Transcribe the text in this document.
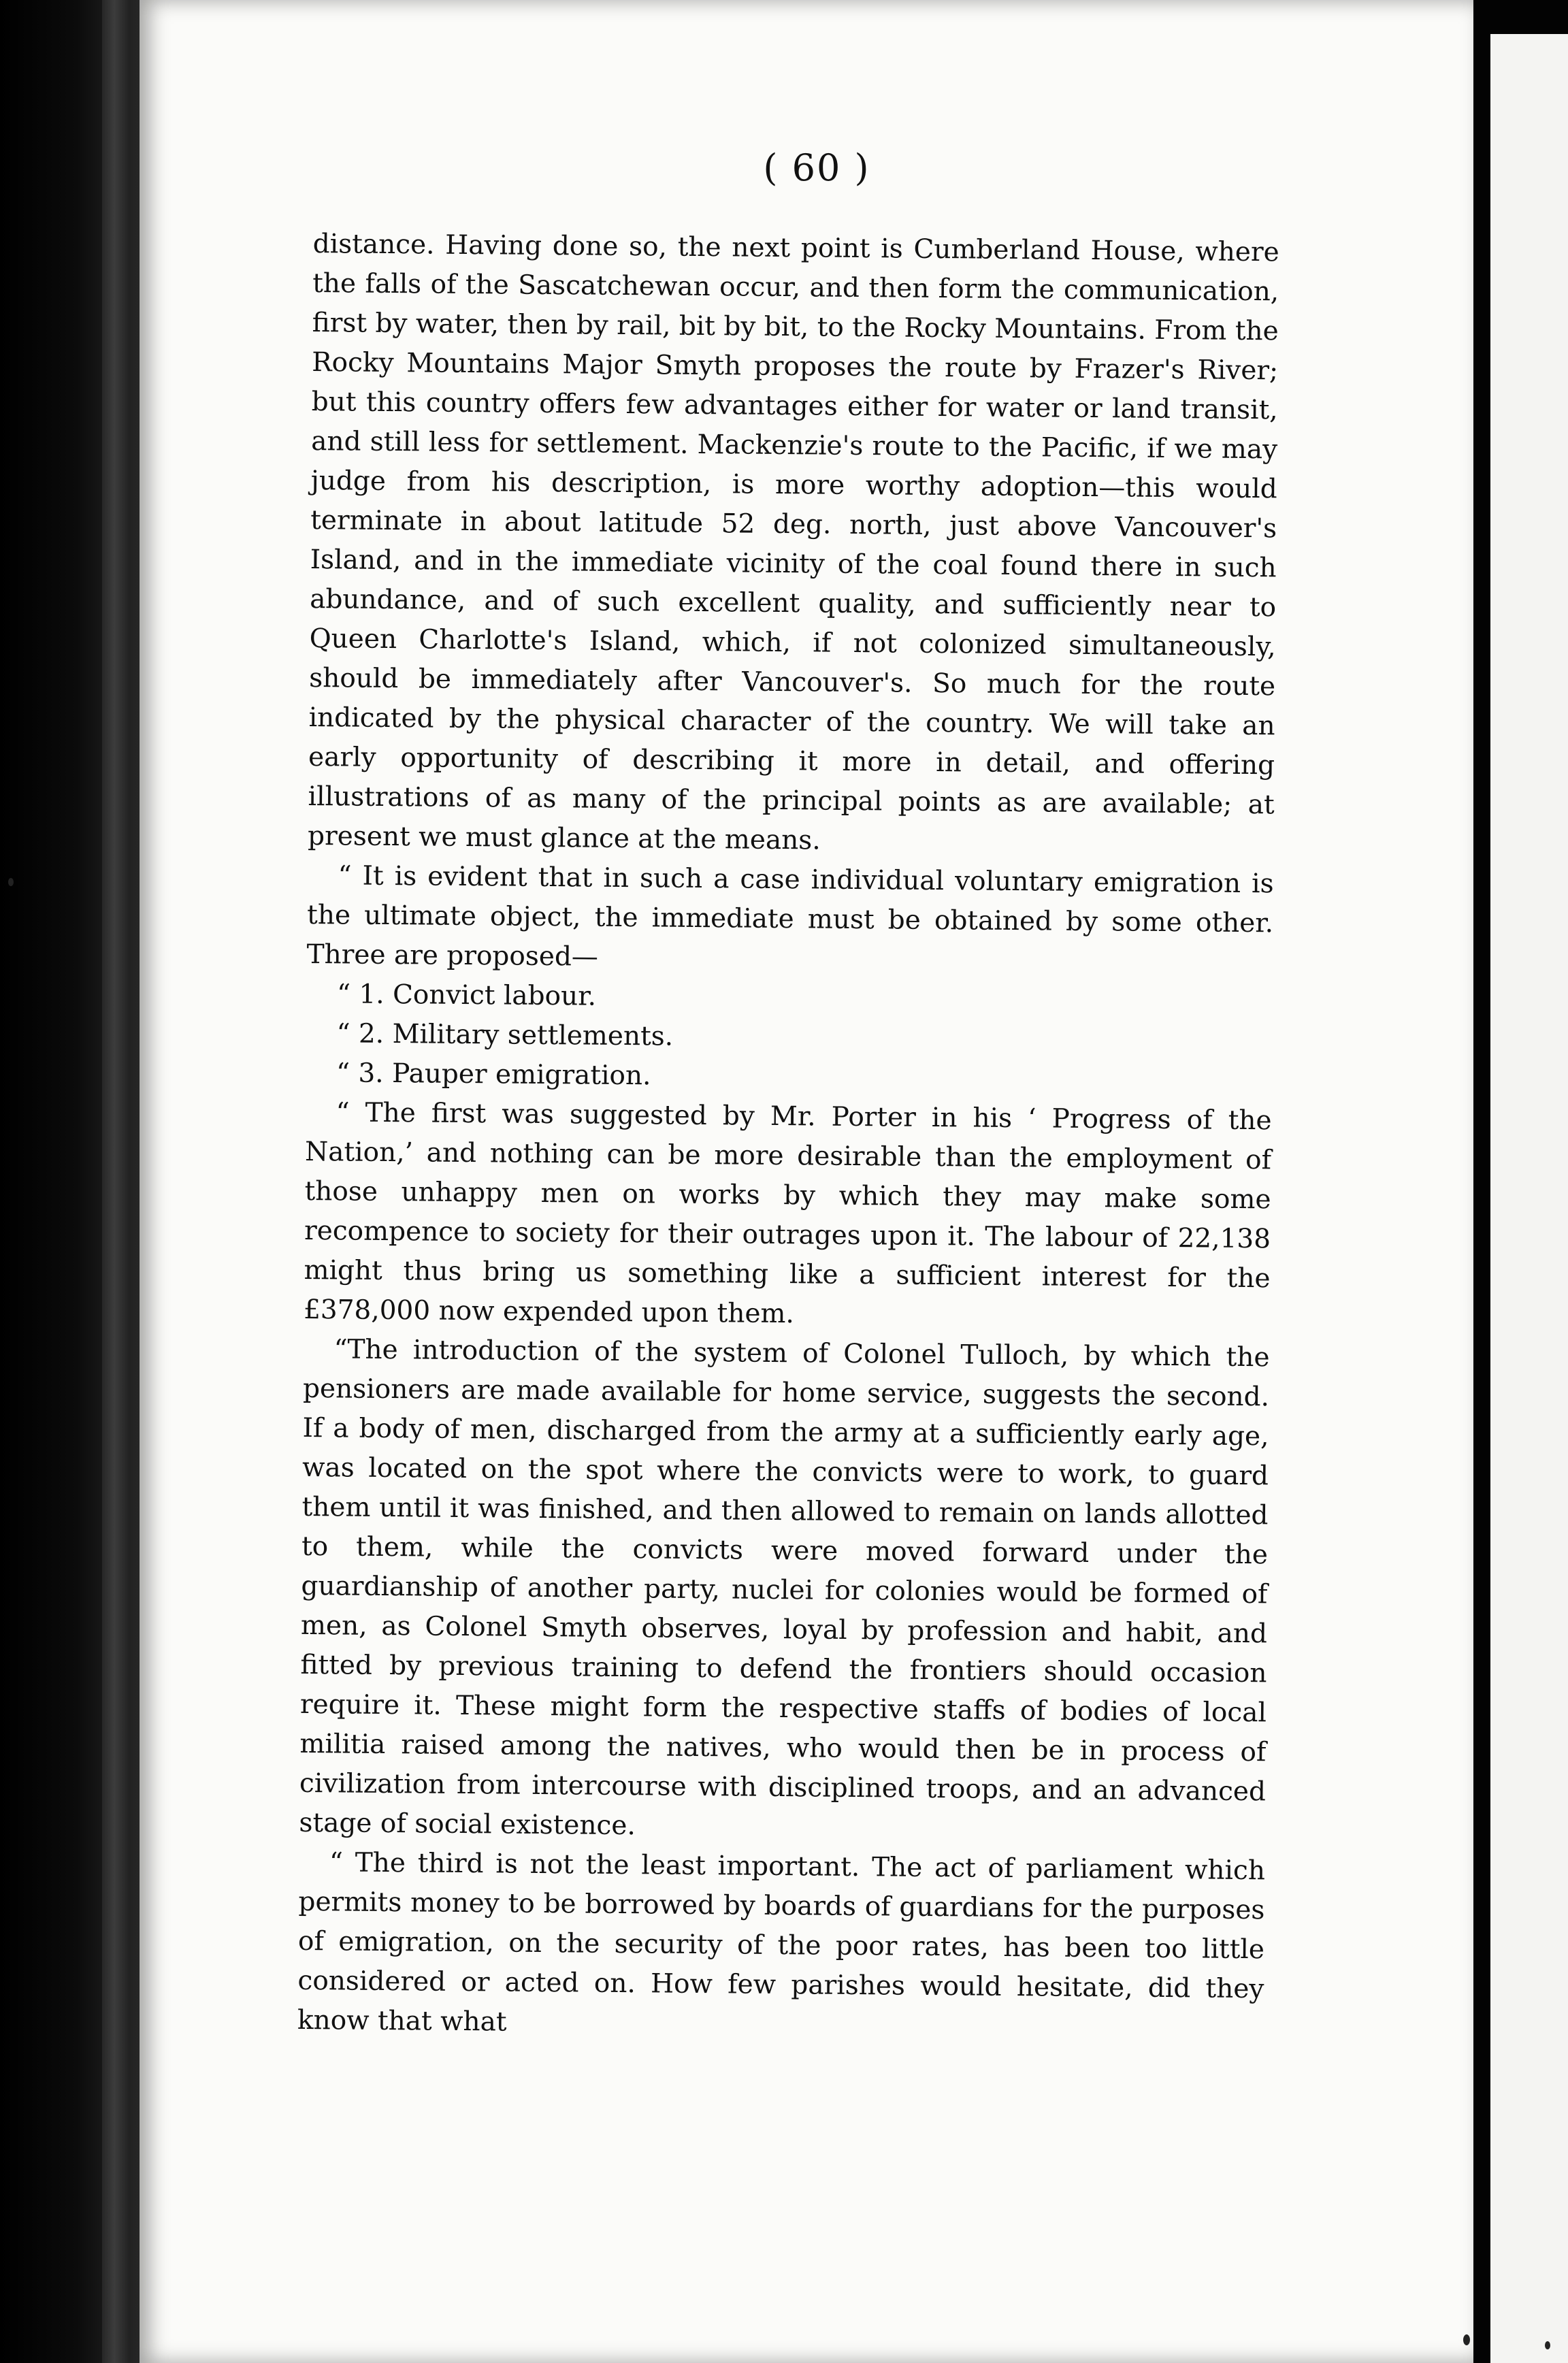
( 60 )

distance. Having done so, the next point is Cumberland House, where the falls of the Sascatchewan occur, and then form the communication, first by water, then by rail, bit by bit, to the Rocky Mountains. From the Rocky Mountains Major Smyth proposes the route by Frazer's River; but this country offers few advantages either for water or land transit, and still less for settlement. Mackenzie's route to the Pacific, if we may judge from his description, is more worthy adoption—this would terminate in about latitude 52 deg. north, just above Vancouver's Island, and in the immediate vicinity of the coal found there in such abundance, and of such excellent quality, and sufficiently near to Queen Charlotte's Island, which, if not colonized simultaneously, should be immediately after Vancouver's. So much for the route indicated by the physical character of the country. We will take an early opportunity of describing it more in detail, and offering illustrations of as many of the principal points as are available; at present we must glance at the means.

“ It is evident that in such a case individual voluntary emigration is the ultimate object, the immediate must be obtained by some other. Three are proposed—

“ 1. Convict labour.

“ 2. Military settlements.

“ 3. Pauper emigration.

“ The first was suggested by Mr. Porter in his ‘ Progress of the Nation,’ and nothing can be more desirable than the employment of those unhappy men on works by which they may make some recompence to society for their outrages upon it. The labour of 22,138 might thus bring us something like a sufficient interest for the £378,000 now expended upon them.

“The introduction of the system of Colonel Tulloch, by which the pensioners are made available for home service, suggests the second. If a body of men, discharged from the army at a sufficiently early age, was located on the spot where the convicts were to work, to guard them until it was finished, and then allowed to remain on lands allotted to them, while the convicts were moved forward under the guardianship of another party, nuclei for colonies would be formed of men, as Colonel Smyth observes, loyal by profession and habit, and fitted by previous training to defend the frontiers should occasion require it. These might form the respective staffs of bodies of local militia raised among the natives, who would then be in process of civilization from intercourse with disciplined troops, and an advanced stage of social existence.

“ The third is not the least important. The act of parliament which permits money to be borrowed by boards of guardians for the purposes of emigration, on the security of the poor rates, has been too little considered or acted on. How few parishes would hesitate, did they know that what
